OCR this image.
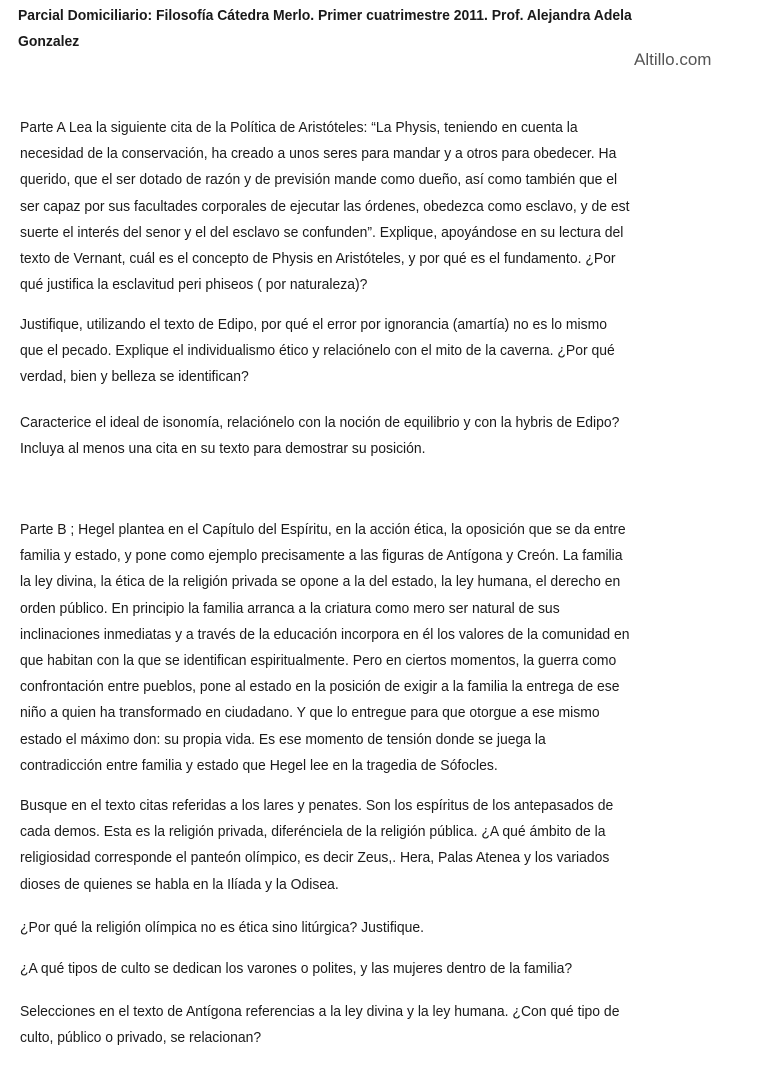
Parcial Domiciliario: Filosofía Cátedra Merlo. Primer cuatrimestre 2011. Prof. Alejandra Adela
Gonzalez
Altillo.com
Parte A Lea la siguiente cita de la Política de Aristóteles: “La Physis, teniendo en cuenta la
necesidad de la conservación, ha creado a unos seres para mandar y a otros para obedecer. Ha
querido, que el ser dotado de razón y de previsión mande como dueño, así como también que el
ser capaz por sus facultades corporales de ejecutar las órdenes, obedezca como esclavo, y de est
suerte el interés del senor y el del esclavo se confunden”. Explique, apoyándose en su lectura del
texto de Vernant, cuál es el concepto de Physis en Aristóteles, y por qué es el fundamento. ¿Por
qué justifica la esclavitud peri phiseos ( por naturaleza)?
Justifique, utilizando el texto de Edipo, por qué el error por ignorancia (amartía) no es lo mismo
que el pecado. Explique el individualismo ético y relaciónelo con el mito de la caverna. ¿Por qué
verdad, bien y belleza se identifican?
Caracterice el ideal de isonomía, relaciónelo con la noción de equilibrio y con la hybris de Edipo?
Incluya al menos una cita en su texto para demostrar su posición.
Parte B ; Hegel plantea en el Capítulo del Espíritu, en la acción ética, la oposición que se da entre
familia y estado, y pone como ejemplo precisamente a las figuras de Antígona y Creón. La familia
la ley divina, la ética de la religión privada se opone a la del estado, la ley humana, el derecho en
orden público. En principio la familia arranca a la criatura como mero ser natural de sus
inclinaciones inmediatas y a través de la educación incorpora en él los valores de la comunidad en
que habitan con la que se identifican espiritualmente. Pero en ciertos momentos, la guerra como
confrontación entre pueblos, pone al estado en la posición de exigir a la familia la entrega de ese
niño a quien ha transformado en ciudadano. Y que lo entregue para que otorgue a ese mismo
estado el máximo don: su propia vida. Es ese momento de tensión donde se juega la
contradicción entre familia y estado que Hegel lee en la tragedia de Sófocles.
Busque en el texto citas referidas a los lares y penates. Son los espíritus de los antepasados de
cada demos. Esta es la religión privada, diferénciela de la religión pública. ¿A qué ámbito de la
religiosidad corresponde el panteón olímpico, es decir Zeus,. Hera, Palas Atenea y los variados
dioses de quienes se habla en la Ilíada y la Odisea.
¿Por qué la religión olímpica no es ética sino litúrgica? Justifique.
¿A qué tipos de culto se dedican los varones o polites, y las mujeres dentro de la familia?
Selecciones en el texto de Antígona referencias a la ley divina y la ley humana. ¿Con qué tipo de
culto, público o privado, se relacionan?
